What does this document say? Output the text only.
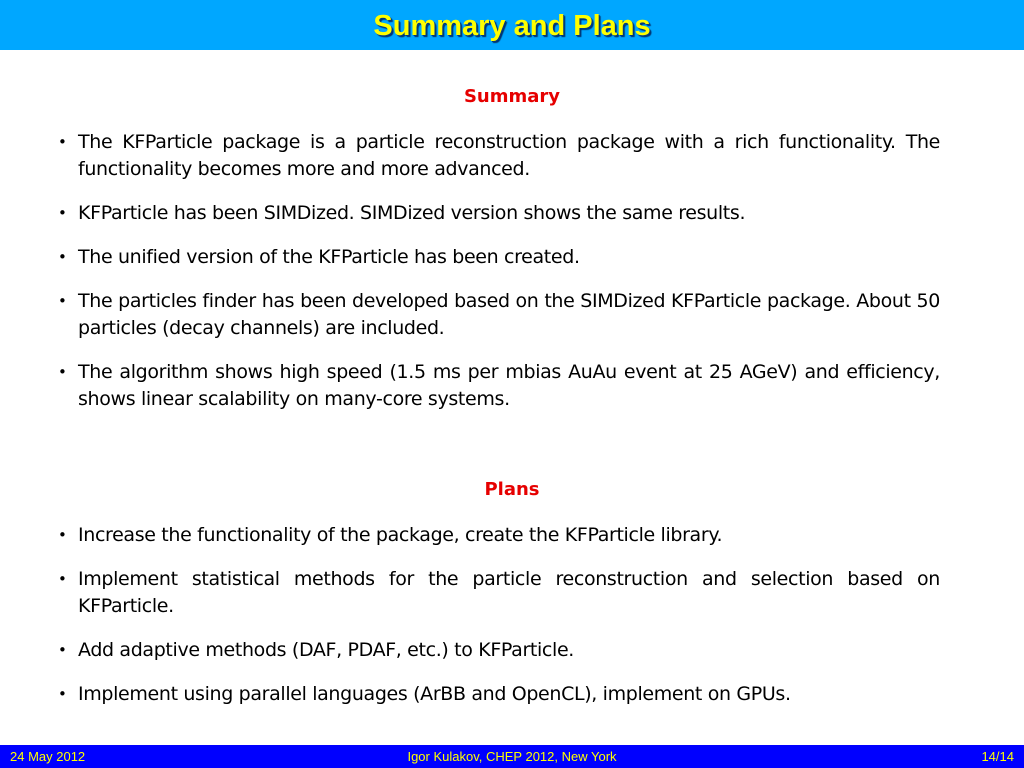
Summary and Plans
Summary
• The KFParticle package is a particle reconstruction package with a rich functionality. The functionality becomes more and more advanced.
• KFParticle has been SIMDized. SIMDized version shows the same results.
• The unified version of the KFParticle has been created.
• The particles finder has been developed based on the SIMDized KFParticle package. About 50 particles (decay channels) are included.
• The algorithm shows high speed (1.5 ms per mbias AuAu event at 25 AGeV) and efficiency, shows linear scalability on many-core systems.
Plans
• Increase the functionality of the package, create the KFParticle library.
• Implement statistical methods for the particle reconstruction and selection based on KFParticle.
• Add adaptive methods (DAF, PDAF, etc.) to KFParticle.
• Implement using parallel languages (ArBB and OpenCL), implement on GPUs.
24 May 2012	Igor Kulakov, CHEP 2012, New York	14/14
